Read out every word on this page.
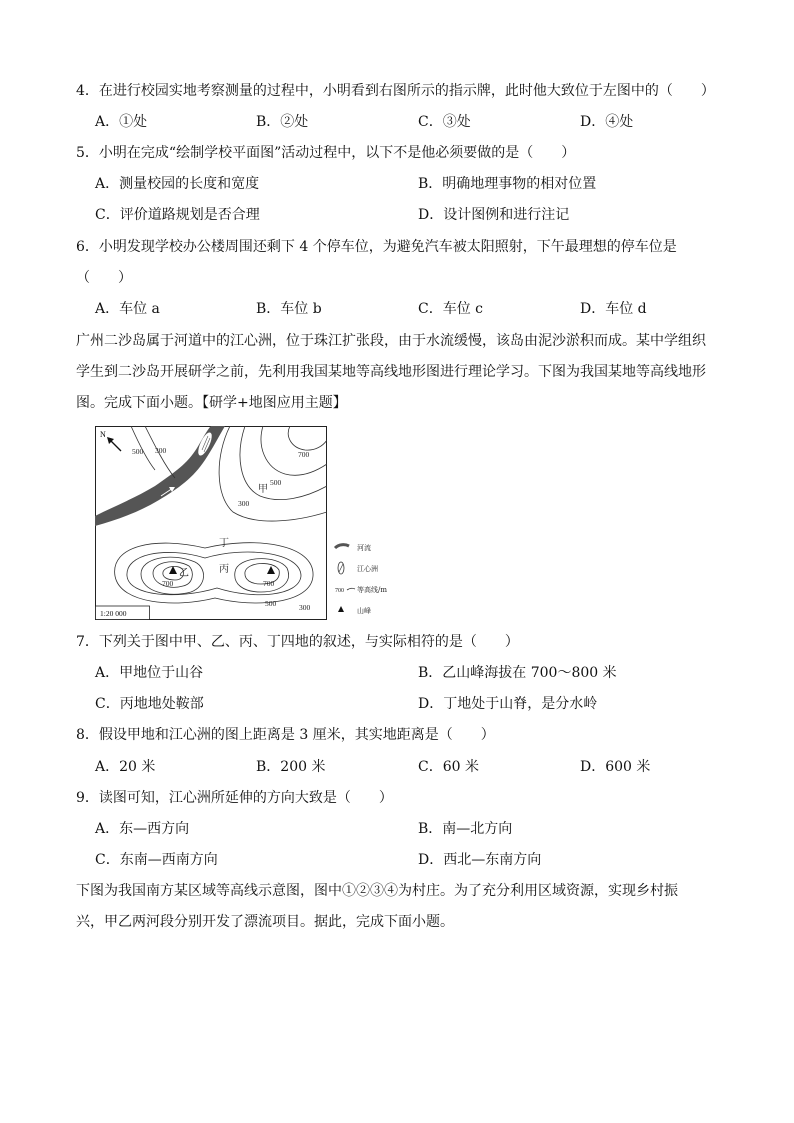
4．在进行校园实地考察测量的过程中，小明看到右图所示的指示牌，此时他大致位于左图中的（　　）
A．①处	B．②处	C．③处	D．④处
5．小明在完成“绘制学校平面图”活动过程中，以下不是他必须要做的是（　　）
A．测量校园的长度和宽度	B．明确地理事物的相对位置
C．评价道路规划是否合理	D．设计图例和进行注记
6．小明发现学校办公楼周围还剩下 4 个停车位，为避免汽车被太阳照射，下午最理想的停车位是
（　　）
A．车位 a	B．车位 b	C．车位 c	D．车位 d
广州二沙岛属于河道中的江心洲，位于珠江扩张段，由于水流缓慢，该岛由泥沙淤积而成。某中学组织
学生到二沙岛开展研学之前，先利用我国某地等高线地形图进行理论学习。下图为我国某地等高线地形
图。完成下面小题。【研学+地图应用主题】
N
500 300	700
500
300
700	700
500	300
甲
乙	丙
丁
1:20 000
700
河流
江心洲
等高线/m
山峰
7．下列关于图中甲、乙、丙、丁四地的叙述，与实际相符的是（　　）
A．甲地位于山谷	B．乙山峰海拔在 700～800 米
C．丙地地处鞍部	D．丁地处于山脊，是分水岭
8．假设甲地和江心洲的图上距离是 3 厘米，其实地距离是（　　）
A．20 米	B．200 米	C．60 米	D．600 米
9．读图可知，江心洲所延伸的方向大致是（　　）
A．东—西方向	B．南—北方向
C．东南—西南方向	D．西北—东南方向
下图为我国南方某区域等高线示意图，图中①②③④为村庄。为了充分利用区域资源，实现乡村振
兴，甲乙两河段分别开发了漂流项目。据此，完成下面小题。
